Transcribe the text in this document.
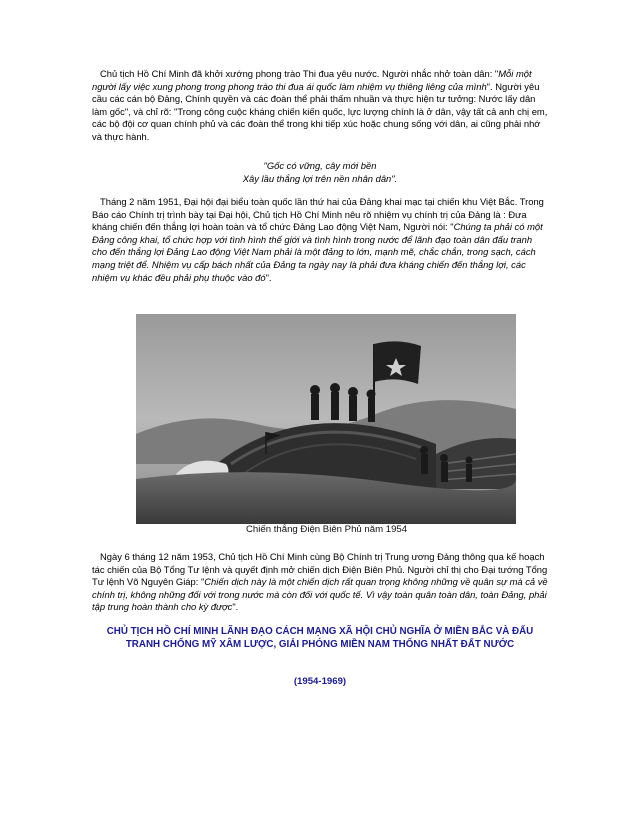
Chủ tịch Hồ Chí Minh đã khởi xướng phong trào Thi đua yêu nước. Người nhắc nhở toàn dân: "Mỗi một người lấy việc xung phong trong phong trào thi đua ái quốc làm nhiệm vụ thiêng liêng của mình". Người yêu cầu các cán bộ Đảng, Chính quyền và các đoàn thể phải thấm nhuần và thực hiện tư tưởng: Nước lấy dân làm gốc", và chỉ rõ: "Trong công cuộc kháng chiến kiến quốc, lực lượng chính là ở dân, vậy tất cả anh chị em, các bộ đội cơ quan chính phủ và các đoàn thể trong khi tiếp xúc hoặc chung sống với dân, ai cũng phải nhớ và thực hành.

"Gốc có vững, cây mới bền

Xây lầu thắng lợi trên nền nhân dân".

Tháng 2 năm 1951, Đại hội đại biểu toàn quốc lần thứ hai của Đảng khai mạc tại chiến khu Việt Bắc. Trong Báo cáo Chính trị trình bày tại Đại hội, Chủ tịch Hồ Chí Minh nêu rõ nhiệm vụ chính trị của Đảng là : Đưa kháng chiến đến thắng lợi hoàn toàn và tổ chức Đảng Lao động Việt Nam, Người nói: "Chúng ta phải có một Đảng công khai, tổ chức hợp với tình hình thế giới và tình hình trong nước để lãnh đạo toàn dân đấu tranh cho đến thắng lợi Đảng Lao động Việt Nam phải là một đảng to lớn, mạnh mẽ, chắc chắn, trong sạch, cách mạng triệt để. Nhiệm vụ cấp bách nhất của Đảng ta ngày nay là phải đưa kháng chiến đến thắng lợi, các nhiệm vụ khác đều phải phụ thuộc vào đó".

Chiến thắng Điện Biên Phủ năm 1954

Ngày 6 tháng 12 năm 1953, Chủ tịch Hồ Chí Minh cùng Bộ Chính trị Trung ương Đảng thông qua kế hoạch tác chiến của Bộ Tổng Tư lệnh và quyết định mở chiến dịch Điện Biên Phủ. Người chỉ thị cho Đại tướng Tổng Tư lệnh Võ Nguyên Giáp: "Chiến dịch này là một chiến dịch rất quan trọng không những về quân sự mà cả về chính trị, không những đối với trong nước mà còn đối với quốc tế. Vì vậy toàn quân toàn dân, toàn Đảng, phải tập trung hoàn thành cho kỳ được".

CHỦ TỊCH HỒ CHÍ MINH LÃNH ĐẠO CÁCH MẠNG XÃ HỘI CHỦ NGHĨA Ở MIỀN BẮC VÀ ĐẤU TRANH CHỐNG MỸ XÂM LƯỢC, GIẢI PHÓNG MIỀN NAM THỐNG NHẤT ĐẤT NƯỚC

(1954-1969)
